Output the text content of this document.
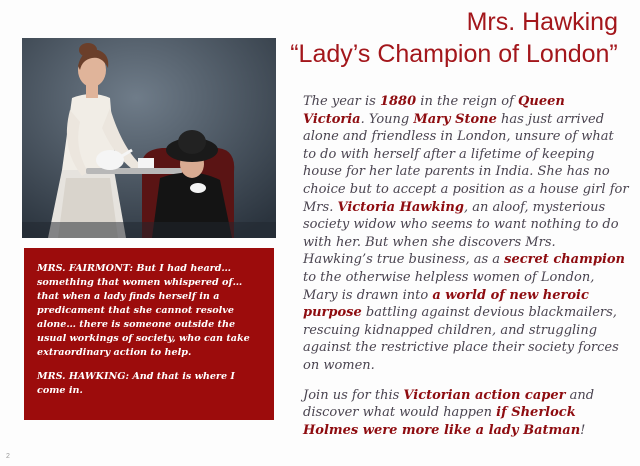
Mrs. Hawking
“Lady’s Champion of London”

MRS. FAIRMONT: But I had heard… something that women whispered of… that when a lady finds herself in a predicament that she cannot resolve alone… there is someone outside the usual workings of society, who can take extraordinary action to help.

MRS. HAWKING: And that is where I come in.

The year is 1880 in the reign of Queen Victoria. Young Mary Stone has just arrived alone and friendless in London, unsure of what to do with herself after a lifetime of keeping house for her late parents in India. She has no choice but to accept a position as a house girl for Mrs. Victoria Hawking, an aloof, mysterious society widow who seems to want nothing to do with her. But when she discovers Mrs. Hawking’s true business, as a secret champion to the otherwise helpless women of London, Mary is drawn into a world of new heroic purpose battling against devious blackmailers, rescuing kidnapped children, and struggling against the restrictive place their society forces on women.

Join us for this Victorian action caper and discover what would happen if Sherlock Holmes were more like a lady Batman!

2
